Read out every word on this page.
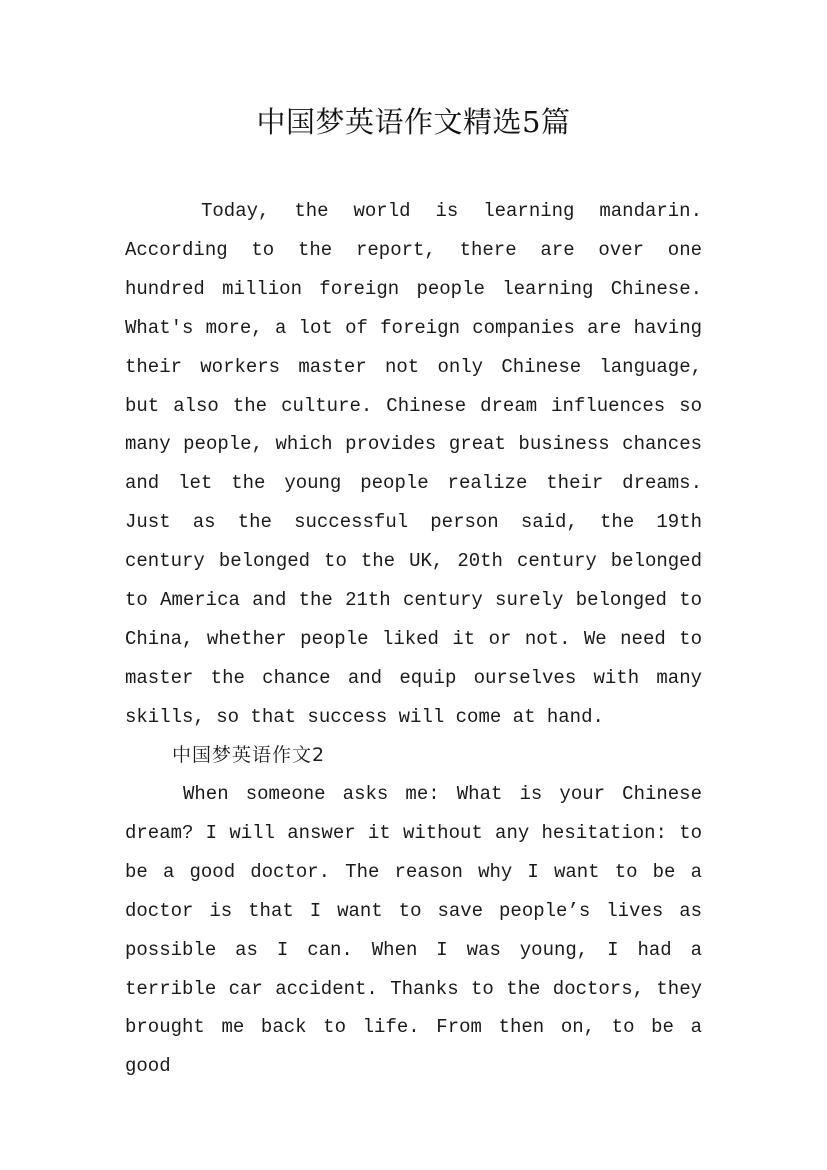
中国梦英语作文精选5篇
Today, the world is learning mandarin. According to the report, there are over one hundred million foreign people learning Chinese. What's more, a lot of foreign companies are having their workers master not only Chinese language, but also the culture. Chinese dream influences so many people, which provides great business chances and let the young people realize their dreams. Just as the successful person said, the 19th century belonged to the UK, 20th century belonged to America and the 21th century surely belonged to China, whether people liked it or not. We need to master the chance and equip ourselves with many skills, so that success will come at hand.
中国梦英语作文2
When someone asks me: What is your Chinese dream? I will answer it without any hesitation: to be a good doctor. The reason why I want to be a doctor is that I want to save people’s lives as possible as I can. When I was young, I had a terrible car accident. Thanks to the doctors, they brought me back to life. From then on, to be a good
